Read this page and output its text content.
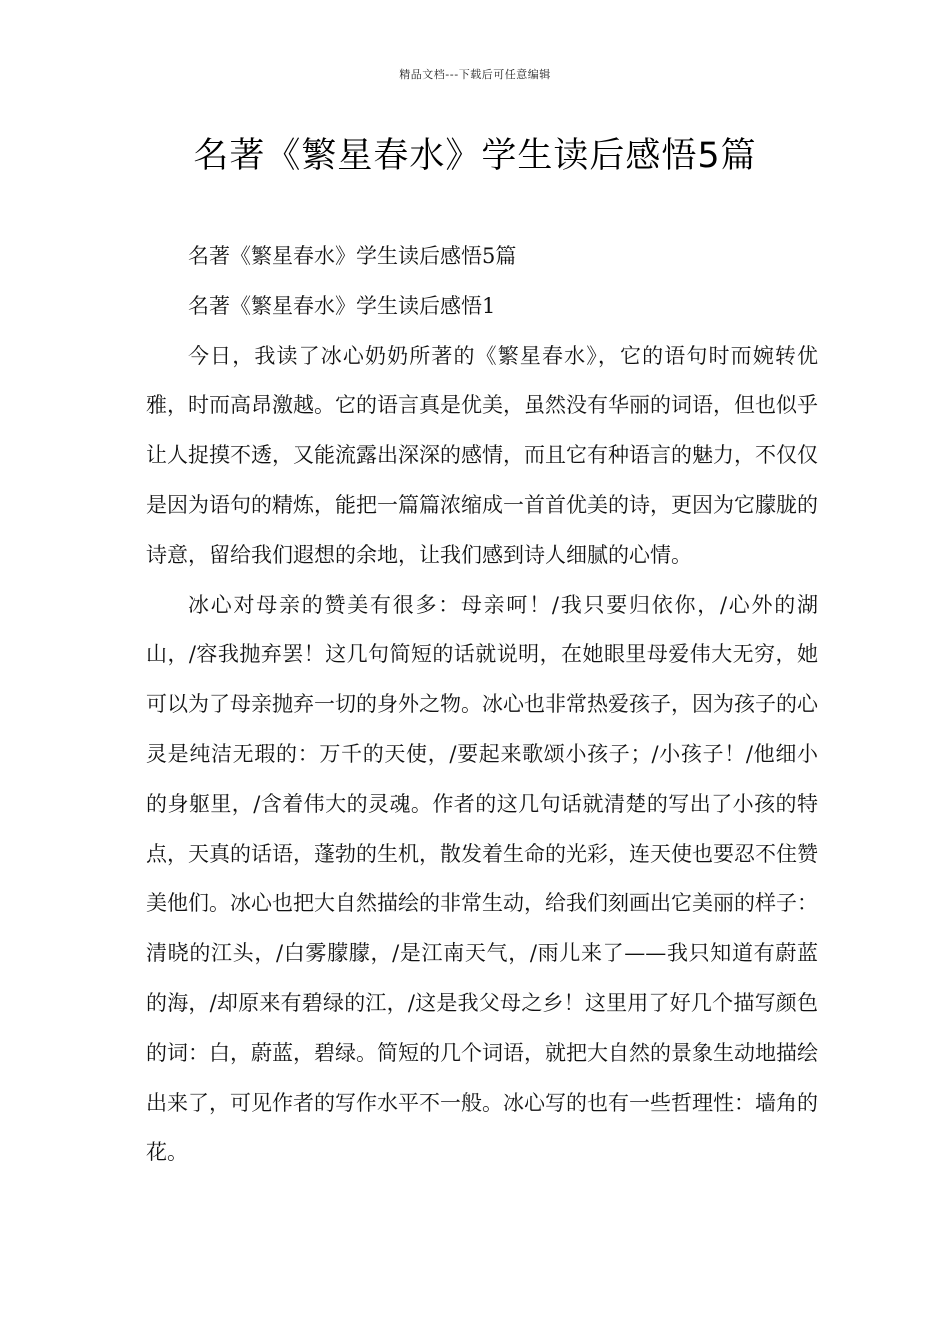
精品文档---下载后可任意编辑
名著《繁星春水》学生读后感悟5篇

名著《繁星春水》学生读后感悟5篇

名著《繁星春水》学生读后感悟1

今日，我读了冰心奶奶所著的《繁星春水》，它的语句时而婉转优雅，时而高昂激越。它的语言真是优美，虽然没有华丽的词语，但也似乎让人捉摸不透，又能流露出深深的感情，而且它有种语言的魅力，不仅仅是因为语句的精炼，能把一篇篇浓缩成一首首优美的诗，更因为它朦胧的诗意，留给我们遐想的余地，让我们感到诗人细腻的心情。

冰心对母亲的赞美有很多：母亲呵！/我只要归依你，/心外的湖山，/容我抛弃罢！这几句简短的话就说明，在她眼里母爱伟大无穷，她可以为了母亲抛弃一切的身外之物。冰心也非常热爱孩子，因为孩子的心灵是纯洁无瑕的：万千的天使，/要起来歌颂小孩子；/小孩子！/他细小的身躯里，/含着伟大的灵魂。作者的这几句话就清楚的写出了小孩的特点，天真的话语，蓬勃的生机，散发着生命的光彩，连天使也要忍不住赞美他们。冰心也把大自然描绘的非常生动，给我们刻画出它美丽的样子：清晓的江头，/白雾朦朦，/是江南天气，/雨儿来了——我只知道有蔚蓝的海，/却原来有碧绿的江，/这是我父母之乡！这里用了好几个描写颜色的词：白，蔚蓝，碧绿。简短的几个词语，就把大自然的景象生动地描绘出来了，可见作者的写作水平不一般。冰心写的也有一些哲理性：墙角的花。
